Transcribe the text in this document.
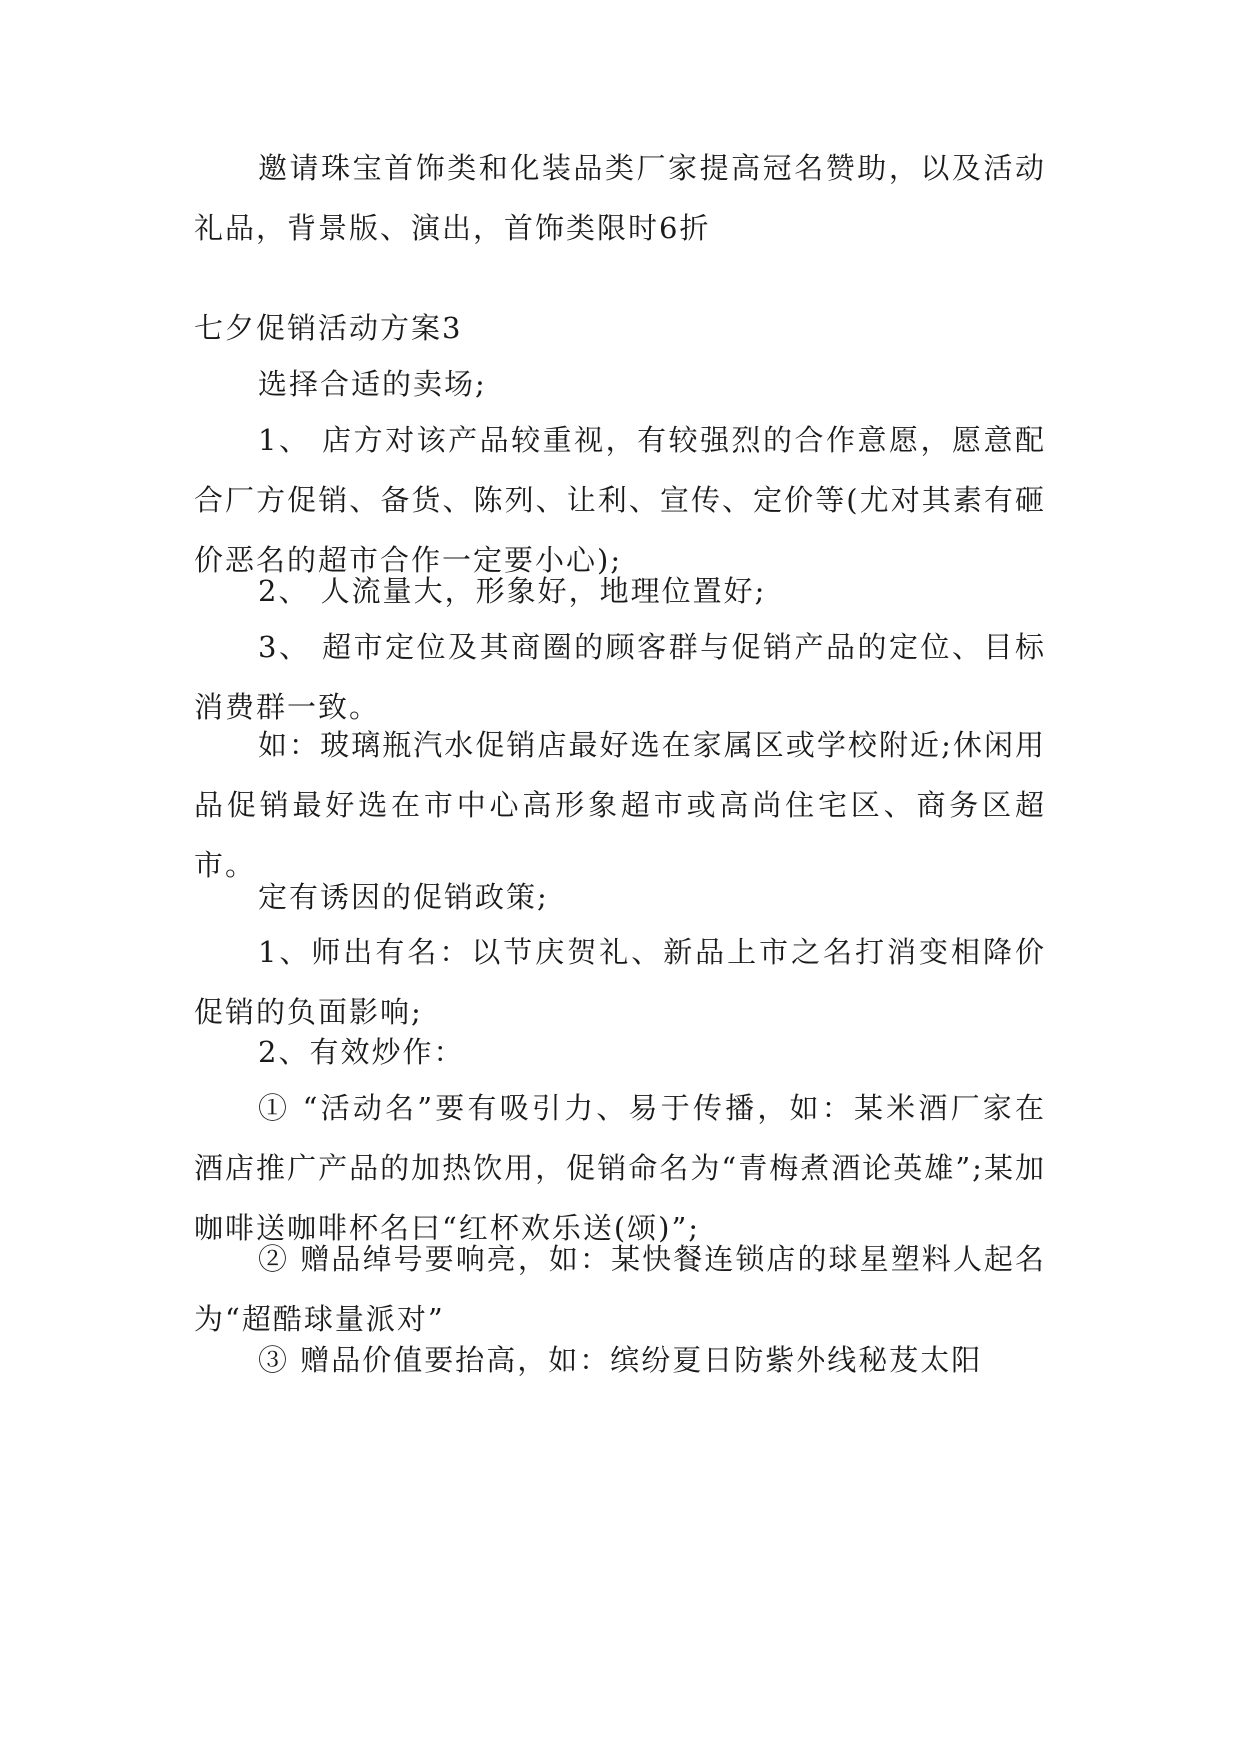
邀请珠宝首饰类和化装品类厂家提高冠名赞助，以及活动礼品，背景版、演出，首饰类限时6折

七夕促销活动方案3

选择合适的卖场;

1、 店方对该产品较重视，有较强烈的合作意愿，愿意配合厂方促销、备货、陈列、让利、宣传、定价等(尤对其素有砸价恶名的超市合作一定要小心);

2、 人流量大，形象好，地理位置好;

3、 超市定位及其商圈的顾客群与促销产品的定位、目标消费群一致。

如：玻璃瓶汽水促销店最好选在家属区或学校附近;休闲用品促销最好选在市中心高形象超市或高尚住宅区、商务区超市。

定有诱因的促销政策;

1、师出有名：以节庆贺礼、新品上市之名打消变相降价促销的负面影响;

2、有效炒作：

① “活动名”要有吸引力、易于传播，如：某米酒厂家在酒店推广产品的加热饮用，促销命名为“青梅煮酒论英雄”;某加咖啡送咖啡杯名曰“红杯欢乐送(颂)”;

② 赠品绰号要响亮，如：某快餐连锁店的球星塑料人起名为“超酷球量派对”

③ 赠品价值要抬高，如：缤纷夏日防紫外线秘芨太阳
